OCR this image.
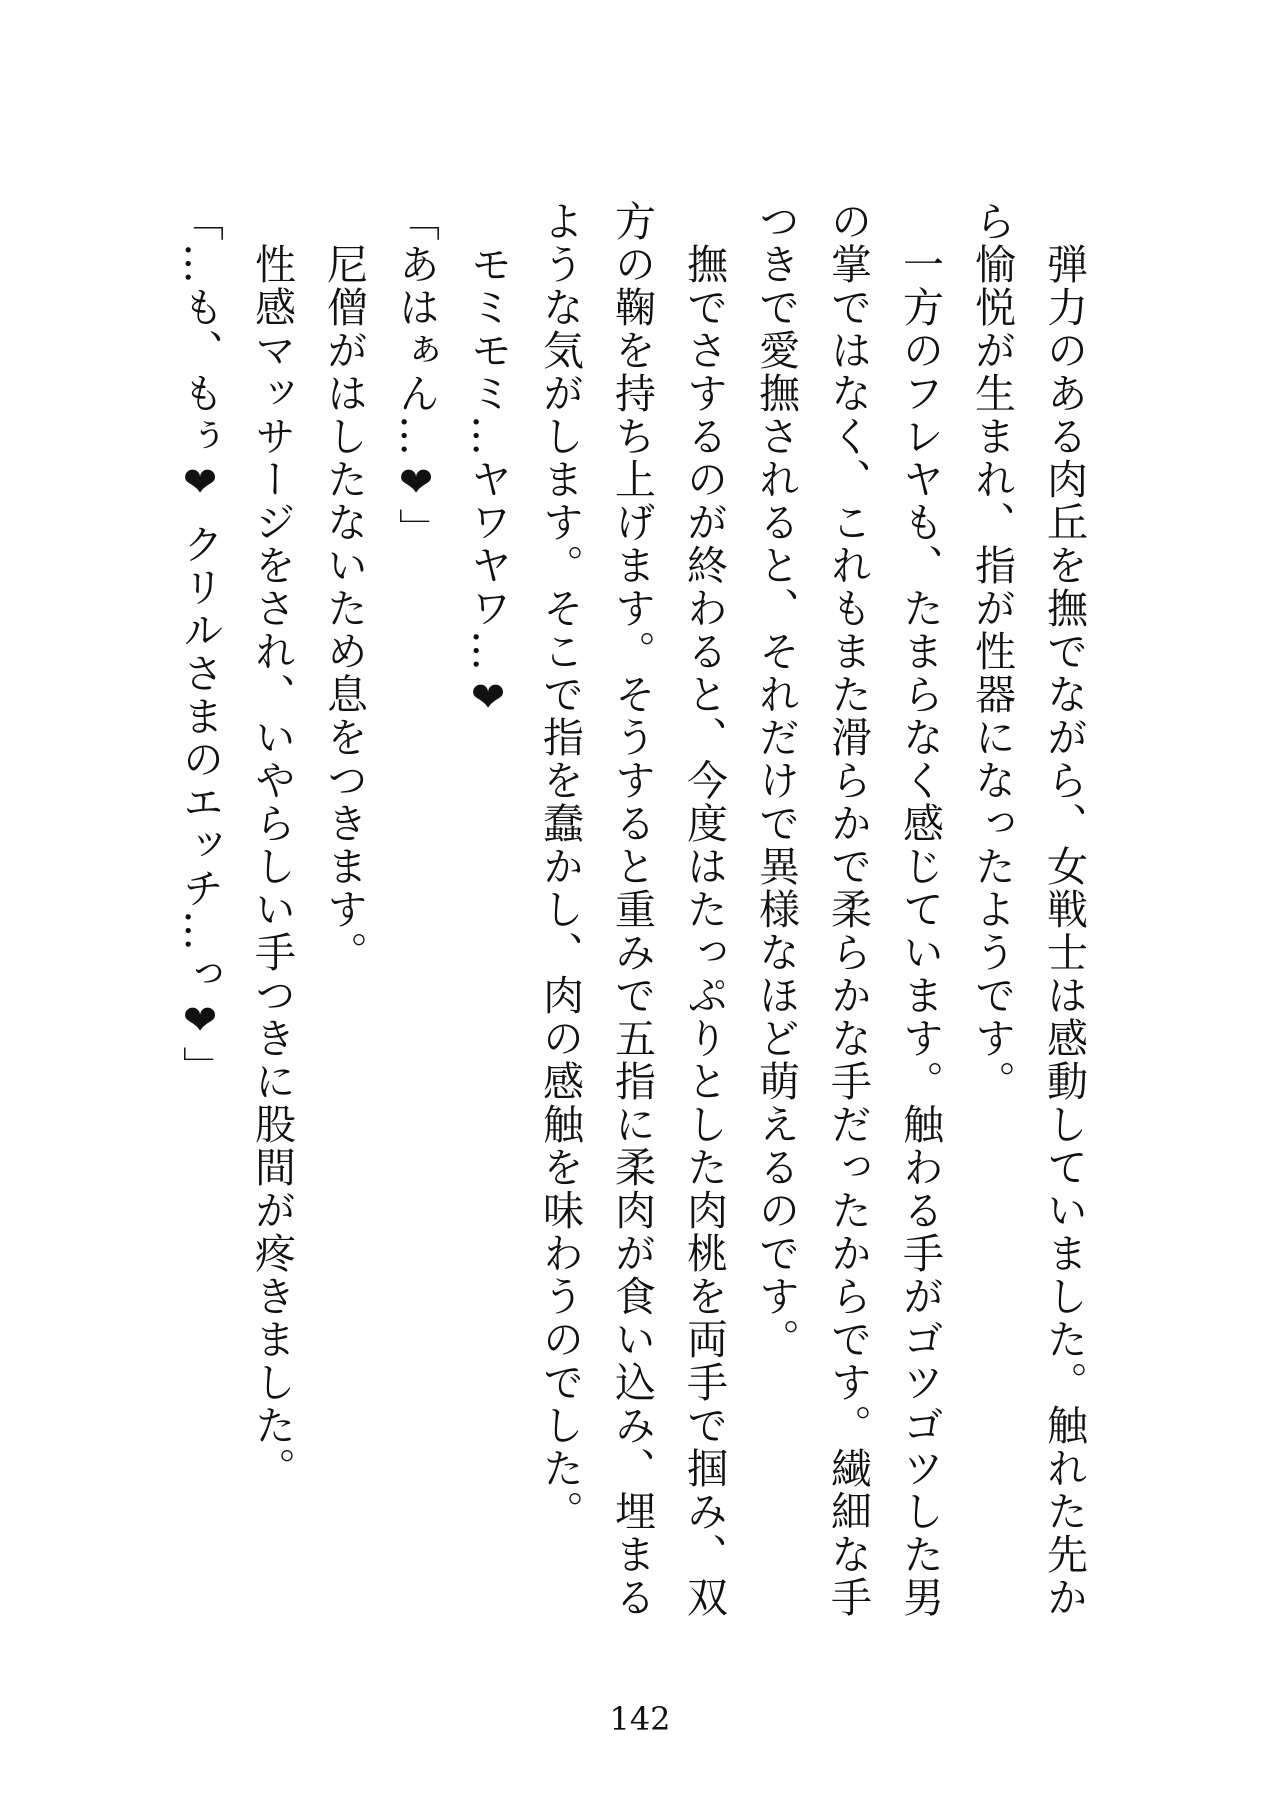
　弾力のある肉丘を撫でながら、女戦士は感動していました。触れた先から愉悦が生まれ、指が性器になったようです。

　一方のフレヤも、たまらなく感じています。触わる手がゴツゴツした男の掌ではなく、これもまた滑らかで柔らかな手だったからです。繊細な手つきで愛撫されると、それだけで異様なほど萌えるのです。

　撫でさするのが終わると、今度はたっぷりとした肉桃を両手で掴み、双方の鞠を持ち上げます。そうすると重みで五指に柔肉が食い込み、埋まるような気がします。そこで指を蠢かし、肉の感触を味わうのでした。

　モミモミ…ヤワヤワ…❤

「あはぁん…❤」

　尼僧がはしたないため息をつきます。

　性感マッサージをされ、いやらしい手つきに股間が疼きました。

「…も、もぅ❤ クリルさまのエッチ…っ❤」

142
